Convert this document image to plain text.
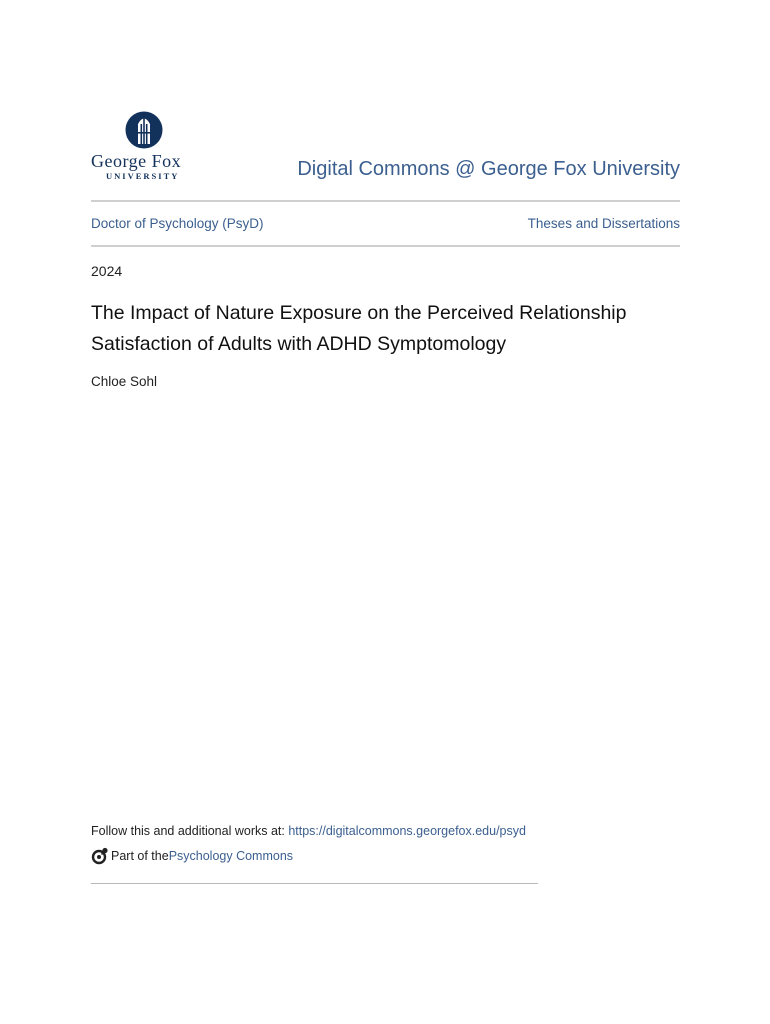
George Fox
UNIVERSITY	Digital Commons @ George Fox University
Doctor of Psychology (PsyD)	Theses and Dissertations
2024
The Impact of Nature Exposure on the Perceived Relationship Satisfaction of Adults with ADHD Symptomology
Chloe Sohl
Follow this and additional works at: https://digitalcommons.georgefox.edu/psyd
Part of the Psychology Commons
